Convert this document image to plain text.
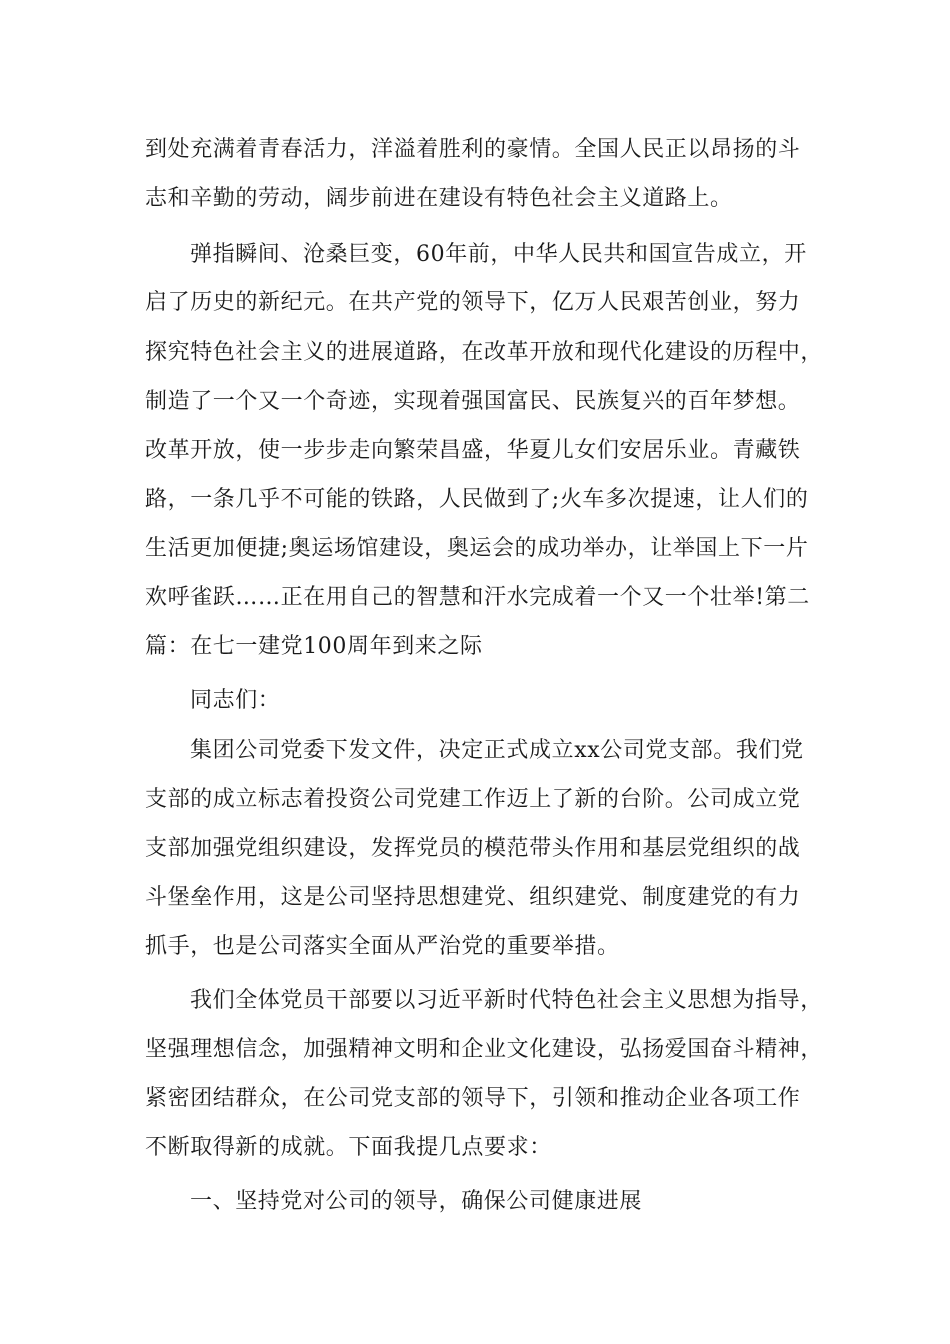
到处充满着青春活力，洋溢着胜利的豪情。全国人民正以昂扬的斗

志和辛勤的劳动，阔步前进在建设有特色社会主义道路上。

弹指瞬间、沧桑巨变，60年前，中华人民共和国宣告成立，开

启了历史的新纪元。在共产党的领导下，亿万人民艰苦创业，努力

探究特色社会主义的进展道路，在改革开放和现代化建设的历程中，

制造了一个又一个奇迹，实现着强国富民、民族复兴的百年梦想。

改革开放，使一步步走向繁荣昌盛，华夏儿女们安居乐业。青藏铁

路，一条几乎不可能的铁路，人民做到了;火车多次提速，让人们的

生活更加便捷;奥运场馆建设，奥运会的成功举办，让举国上下一片

欢呼雀跃……正在用自己的智慧和汗水完成着一个又一个壮举!第二

篇：在七一建党100周年到来之际

同志们：

集团公司党委下发文件，决定正式成立xx公司党支部。我们党

支部的成立标志着投资公司党建工作迈上了新的台阶。公司成立党

支部加强党组织建设，发挥党员的模范带头作用和基层党组织的战

斗堡垒作用，这是公司坚持思想建党、组织建党、制度建党的有力

抓手，也是公司落实全面从严治党的重要举措。

我们全体党员干部要以习近平新时代特色社会主义思想为指导，

坚强理想信念，加强精神文明和企业文化建设，弘扬爱国奋斗精神，

紧密团结群众，在公司党支部的领导下，引领和推动企业各项工作

不断取得新的成就。下面我提几点要求：

一、坚持党对公司的领导，确保公司健康进展
